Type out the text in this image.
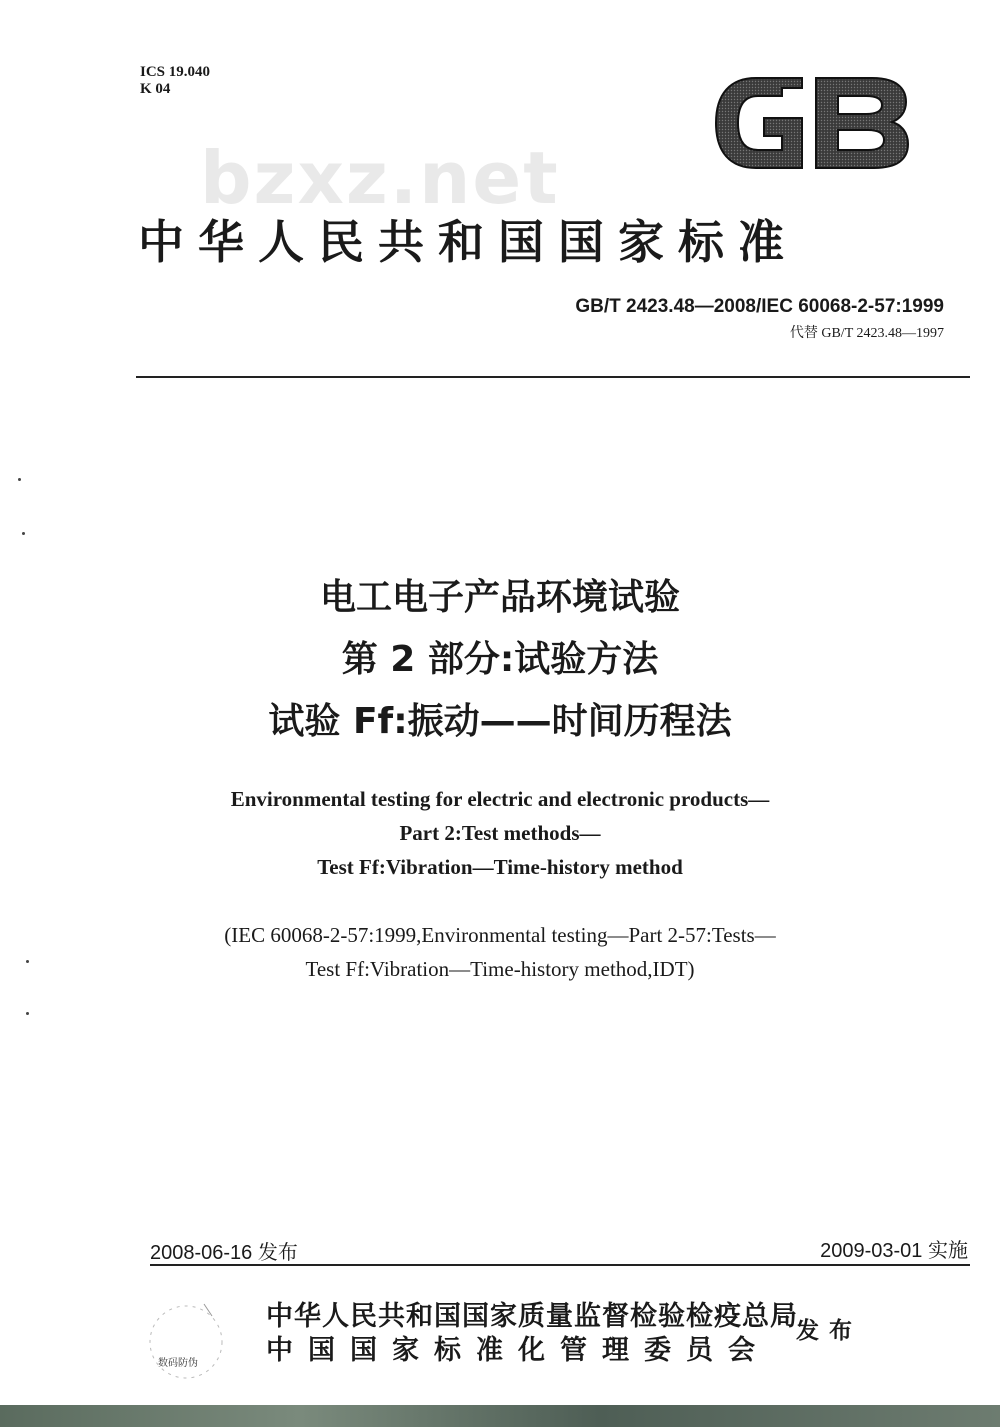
ICS 19.040
K 04
bzxz.net
中华人民共和国国家标准
GB/T 2423.48—2008/IEC 60068-2-57:1999
代替 GB/T 2423.48—1997
电工电子产品环境试验
第 2 部分:试验方法
试验 Ff:振动——时间历程法
Environmental testing for electric and electronic products—
Part 2:Test methods—
Test Ff:Vibration—Time-history method
(IEC 60068-2-57:1999,Environmental testing—Part 2-57:Tests—
Test Ff:Vibration—Time-history method,IDT)
2008-06-16 发布	2009-03-01 实施
数码防伪
中华人民共和国国家质量监督检验检疫总局
中国国家标准化管理委员会
发布
